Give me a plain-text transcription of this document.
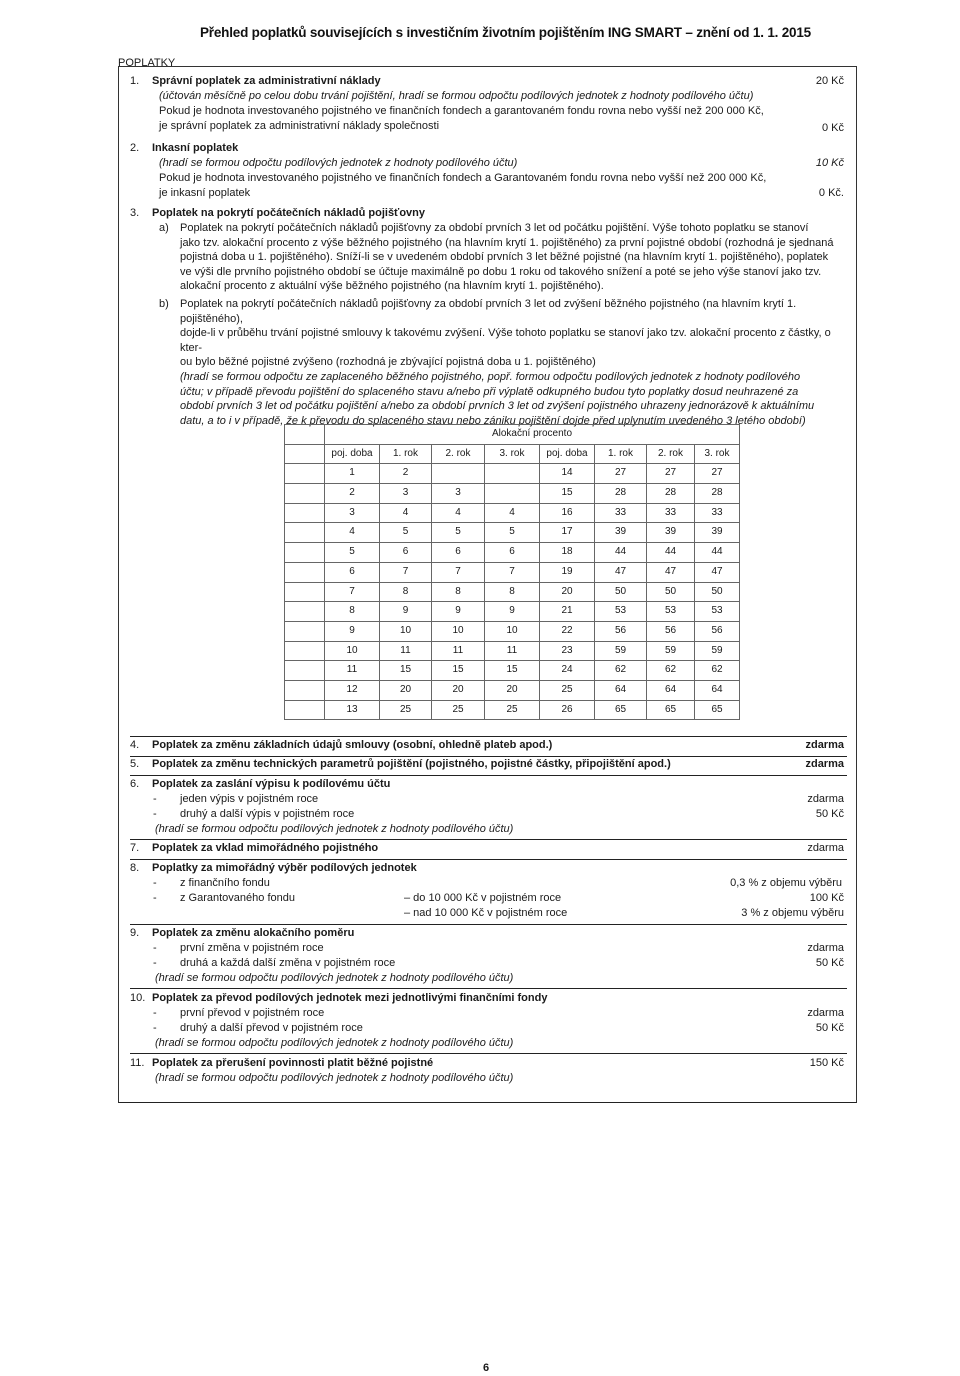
Přehled poplatků souvisejících s investičním životním pojištěním ING SMART – znění od 1. 1. 2015
POPLATKY
1. Správní poplatek za administrativní náklady	20 Kč
(účtován měsíčně po celou dobu trvání pojištění, hradí se formou odpočtu podílových jednotek z hodnoty podílového účtu)
Pokud je hodnota investovaného pojistného ve finančních fondech a garantovaném fondu rovna nebo vyšší než 200 000 Kč,
je správní poplatek za administrativní náklady společnosti	0 Kč
2. Inkasní poplatek
(hradí se formou odpočtu podílových jednotek z hodnoty podílového účtu)	10 Kč
Pokud je hodnota investovaného pojistného ve finančních fondech a Garantovaném fondu rovna nebo vyšší než 200 000 Kč,
je inkasní poplatek	0 Kč.
3. Poplatek na pokrytí počátečních nákladů pojišťovny
a) Poplatek na pokrytí počátečních nákladů pojišťovny za období prvních 3 let od počátku pojištění. Výše tohoto poplatku se stanoví
jako tzv. alokační procento z výše běžného pojistného (na hlavním krytí 1. pojištěného) za první pojistné období (rozhodná je sjednaná
pojistná doba u 1. pojištěného). Sníží-li se v uvedeném období prvních 3 let běžné pojistné (na hlavním krytí 1. pojištěného), poplatek
ve výši dle prvního pojistného období se účtuje maximálně po dobu 1 roku od takového snížení a poté se jeho výše stanoví jako tzv.
alokační procento z aktuální výše běžného pojistného (na hlavním krytí 1. pojištěného).
b) Poplatek na pokrytí počátečních nákladů pojišťovny za období prvních 3 let od zvýšení běžného pojistného (na hlavním krytí 1. pojištěného),
dojde-li v průběhu trvání pojistné smlouvy k takovému zvýšení. Výše tohoto poplatku se stanoví jako tzv. alokační procento z částky, o kter-
ou bylo běžné pojistné zvýšeno (rozhodná je zbývající pojistná doba u 1. pojištěného)
(hradí se formou odpočtu ze zaplaceného běžného pojistného, popř. formou odpočtu podílových jednotek z hodnoty podílového
účtu; v případě převodu pojištění do splaceného stavu a/nebo při výplatě odkupného budou tyto poplatky dosud neuhrazené za
období prvních 3 let od počátku pojištění a/nebo za období prvních 3 let od zvýšení pojistného uhrazeny jednorázově k aktuálnímu
datu, a to i v případě, že k převodu do splaceného stavu nebo zániku pojištění dojde před uplynutím uvedeného 3 letého období)
	Alokační procento							
	poj. doba	1. rok	2. rok	3. rok	poj. doba	1. rok	2. rok	3. rok
	1	2			14	27	27	27
	2	3	3		15	28	28	28
	3	4	4	4	16	33	33	33
	4	5	5	5	17	39	39	39
	5	6	6	6	18	44	44	44
	6	7	7	7	19	47	47	47
	7	8	8	8	20	50	50	50
	8	9	9	9	21	53	53	53
	9	10	10	10	22	56	56	56
	10	11	11	11	23	59	59	59
	11	15	15	15	24	62	62	62
	12	20	20	20	25	64	64	64
	13	25	25	25	26	65	65	65
4. Poplatek za změnu základních údajů smlouvy (osobní, ohledně plateb apod.)	zdarma
5. Poplatek za změnu technických parametrů pojištění (pojistného, pojistné částky, připojištění apod.)	zdarma
6. Poplatek za zaslání výpisu k podílovému účtu
- jeden výpis v pojistném roce	zdarma
- druhý a další výpis v pojistném roce	50 Kč
(hradí se formou odpočtu podílových jednotek z hodnoty podílového účtu)
7. Poplatek za vklad mimořádného pojistného	zdarma
8. Poplatky za mimořádný výběr podílových jednotek
- z finančního fondu	0,3 % z objemu výběru
- z Garantovaného fondu	– do 10 000 Kč v pojistném roce	100 Kč
– nad 10 000 Kč v pojistném roce	3 % z objemu výběru
9. Poplatek za změnu alokačního poměru
- první změna v pojistném roce	zdarma
- druhá a každá další změna v pojistném roce	50 Kč
(hradí se formou odpočtu podílových jednotek z hodnoty podílového účtu)
10. Poplatek za převod podílových jednotek mezi jednotlivými finančními fondy
- první převod v pojistném roce	zdarma
- druhý a další převod v pojistném roce	50 Kč
(hradí se formou odpočtu podílových jednotek z hodnoty podílového účtu)
11. Poplatek za přerušení povinnosti platit běžné pojistné	150 Kč
(hradí se formou odpočtu podílových jednotek z hodnoty podílového účtu)
6
